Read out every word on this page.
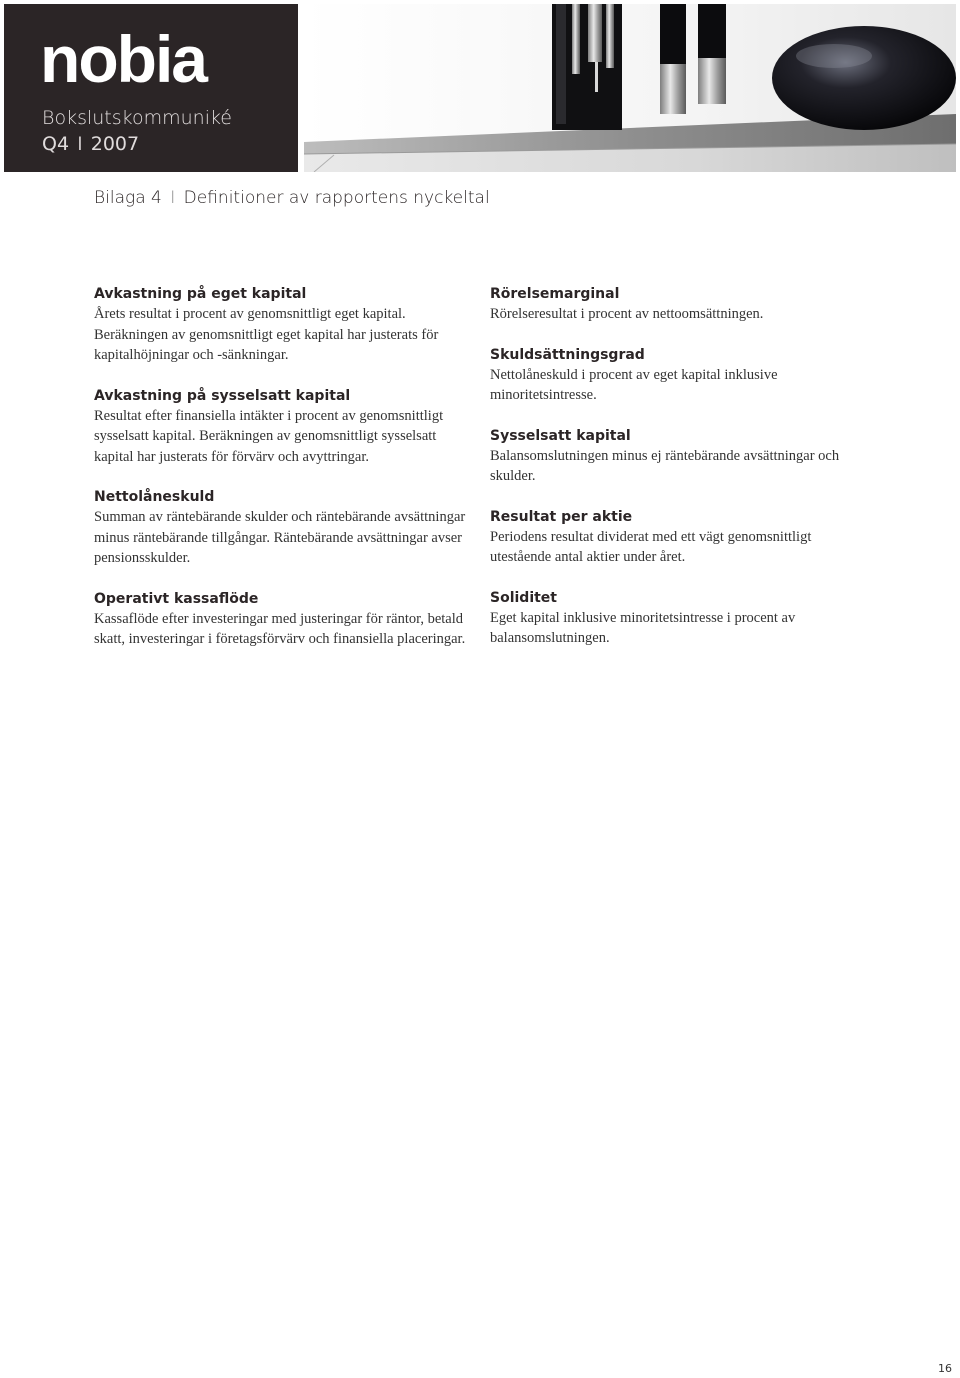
nobia
Bokslutskommuniké
Q4 I 2007
Bilaga 4 I Definitioner av rapportens nyckeltal
Avkastning på eget kapital

Årets resultat i procent av genomsnittligt eget kapital. Beräkningen av genomsnittligt eget kapital har justerats för kapitalhöjningar och -sänkningar.

Avkastning på sysselsatt kapital

Resultat efter finansiella intäkter i procent av genomsnittligt sysselsatt kapital. Beräkningen av genomsnittligt sysselsatt kapital har justerats för förvärv och avyttringar.

Nettolåneskuld

Summan av räntebärande skulder och räntebärande avsättningar minus räntebärande tillgångar. Räntebärande avsättningar avser pensionsskulder.

Operativt kassaflöde

Kassaflöde efter investeringar med justeringar för räntor, betald skatt, investeringar i företagsförvärv och finansiella placeringar.

Rörelsemarginal

Rörelseresultat i procent av nettoomsättningen.

Skuldsättningsgrad

Nettolåneskuld i procent av eget kapital inklusive minoritetsintresse.

Sysselsatt kapital

Balansomslutningen minus ej räntebärande avsättningar och skulder.

Resultat per aktie

Periodens resultat dividerat med ett vägt genomsnittligt utestående antal aktier under året.

Soliditet

Eget kapital inklusive minoritetsintresse i procent av balansomslutningen.

16
